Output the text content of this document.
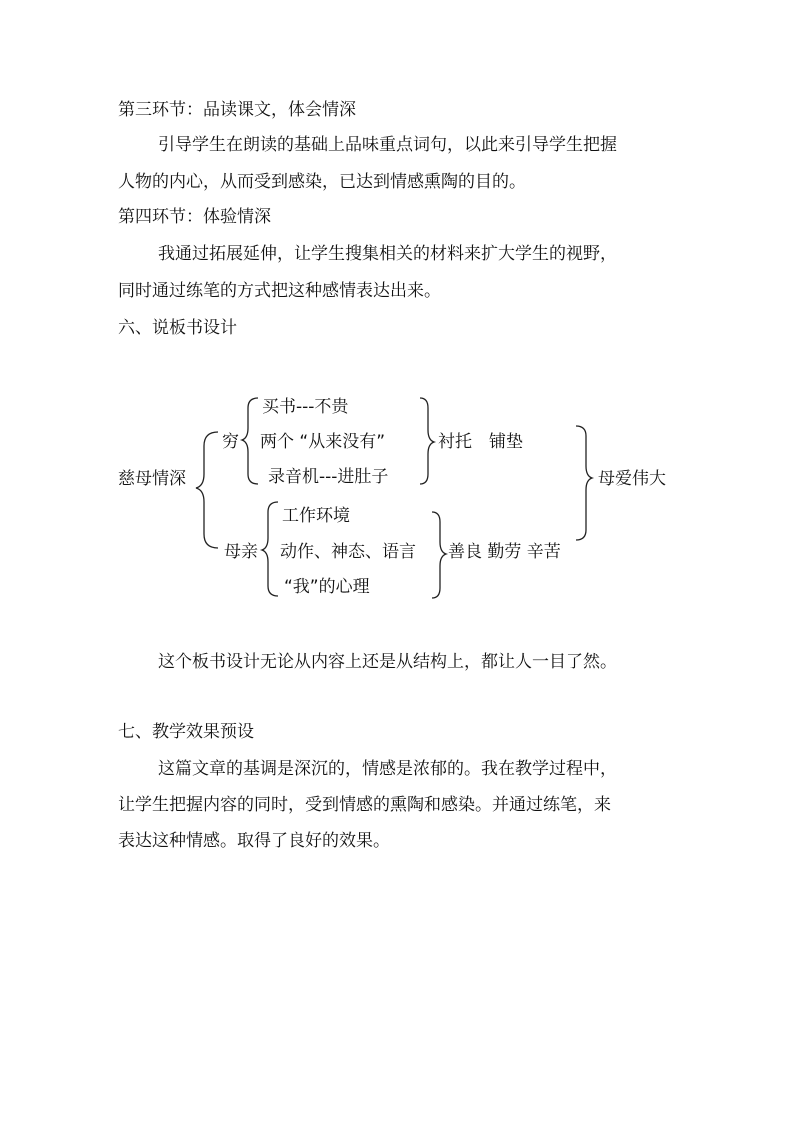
第三环节：品读课文，体会情深
引导学生在朗读的基础上品味重点词句，以此来引导学生把握
人物的内心，从而受到感染，已达到情感熏陶的目的。
第四环节：体验情深
我通过拓展延伸，让学生搜集相关的材料来扩大学生的视野，
同时通过练笔的方式把这种感情表达出来。
六、说板书设计
慈母情深
穷
买书---不贵
两个 “从来没有”
录音机---进肚子
衬托　铺垫
母亲
工作环境
动作、神态、语言
“我”的心理
善良 勤劳 辛苦
母爱伟大
这个板书设计无论从内容上还是从结构上，都让人一目了然。
七、教学效果预设
这篇文章的基调是深沉的，情感是浓郁的。我在教学过程中，
让学生把握内容的同时，受到情感的熏陶和感染。并通过练笔，来
表达这种情感。取得了良好的效果。
